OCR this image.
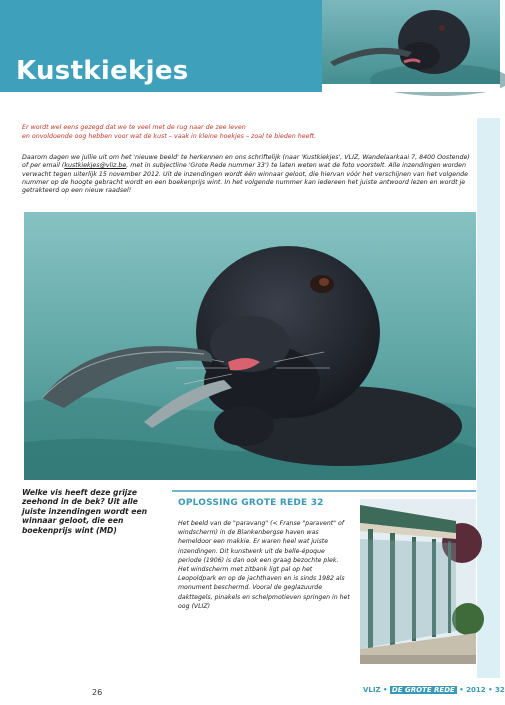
Kustkiekjes

Er wordt wel eens gezegd dat we te veel met de rug naar de zee leven
en onvoldoende oog hebben voor wat de kust – vaak in kleine hoekjes – zoal te bieden heeft.

Daarom dagen we jullie uit om het 'nieuwe beeld' te herkennen en ons schriftelijk (naar 'Kustkiekjes', VLIZ, Wandelaarkaai 7, 8400 Oostende) of per email (kustkiekjes@vliz.be, met in subjectline 'Grote Rede nummer 33') te laten weten wat de foto voorstelt. Alle inzendingen worden verwacht tegen uiterlijk 15 november 2012. Uit de inzendingen wordt één winnaar geloot, die hiervan vóór het verschijnen van het volgende nummer op de hoogte gebracht wordt en een boekenprijs wint. In het volgende nummer kan iedereen het juiste antwoord lezen en wordt je getrakteerd op een nieuw raadsel!

Welke vis heeft deze grijze zeehond in de bek? Uit alle juiste inzendingen wordt een winnaar geloot, die een boekenprijs wint (MD)

OPLOSSING GROTE REDE 32

Het beeld van de "paravang" (< Franse "paravent" of windscherm) in de Blankenbergse haven was hemeldoor een makkie. Er waren heel wat juiste inzendingen. Dit kunstwerk uit de belle-époque periode (1906) is dan ook een graag bezochte plek. Het windscherm met zitbank ligt pal op het Leopoldpark en op de jachthaven en is sinds 1982 als monument beschermd. Vooral de geglazuurde dakttegels, pinakels en schelpmotieven springen in het oog (VLIZ)

26	VLIZ • DE GROTE REDE • 2012 • 32
